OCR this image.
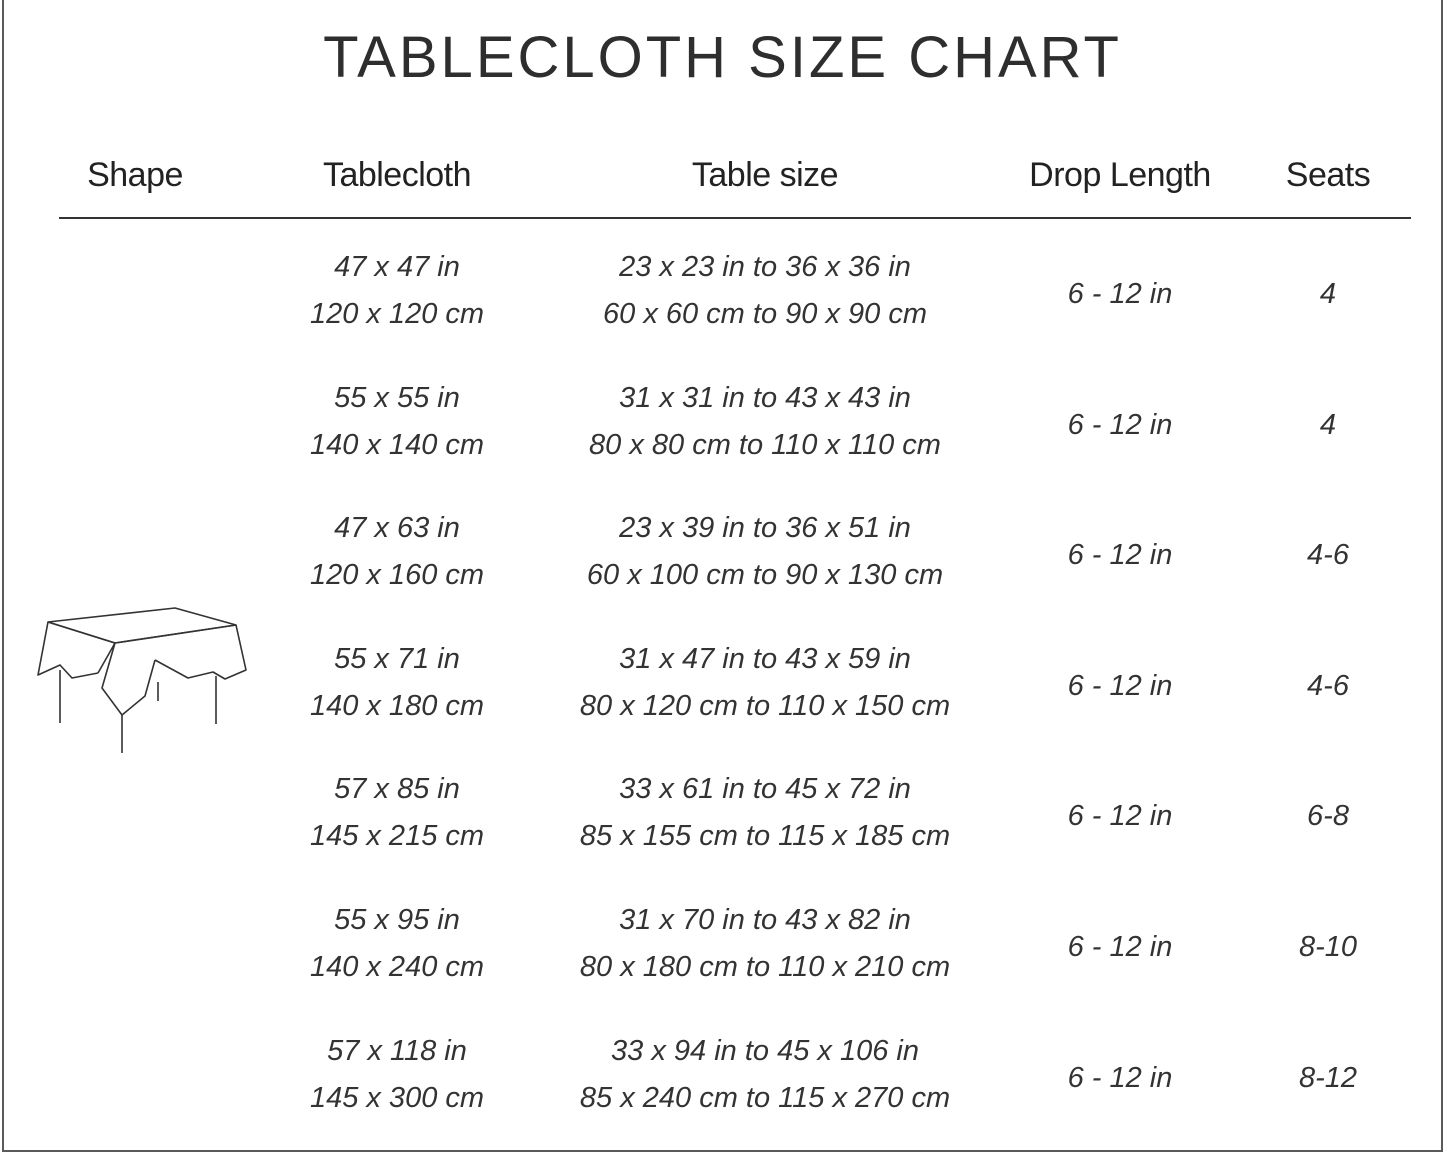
TABLECLOTH SIZE CHART
Shape	Tablecloth	Table size	Drop Length	Seats
47 x 47 in
120 x 120 cm
23 x 23 in to 36 x 36 in
60 x 60 cm to 90 x 90 cm
6 - 12 in	4
55 x 55 in
140 x 140 cm
31 x 31 in to 43 x 43 in
80 x 80 cm to 110 x 110 cm
6 - 12 in	4
47 x 63 in
120 x 160 cm
23 x 39 in to 36 x 51 in
60 x 100 cm to 90 x 130 cm
6 - 12 in	4-6
55 x 71 in
140 x 180 cm
31 x 47 in to 43 x 59 in
80 x 120 cm to 110 x 150 cm
6 - 12 in	4-6
57 x 85 in
145 x 215 cm
33 x 61 in to 45 x 72 in
85 x 155 cm to 115 x 185 cm
6 - 12 in	6-8
55 x 95 in
140 x 240 cm
31 x 70 in to 43 x 82 in
80 x 180 cm to 110 x 210 cm
6 - 12 in	8-10
57 x 118 in
145 x 300 cm
33 x 94 in to 45 x 106 in
85 x 240 cm to 115 x 270 cm
6 - 12 in	8-12
